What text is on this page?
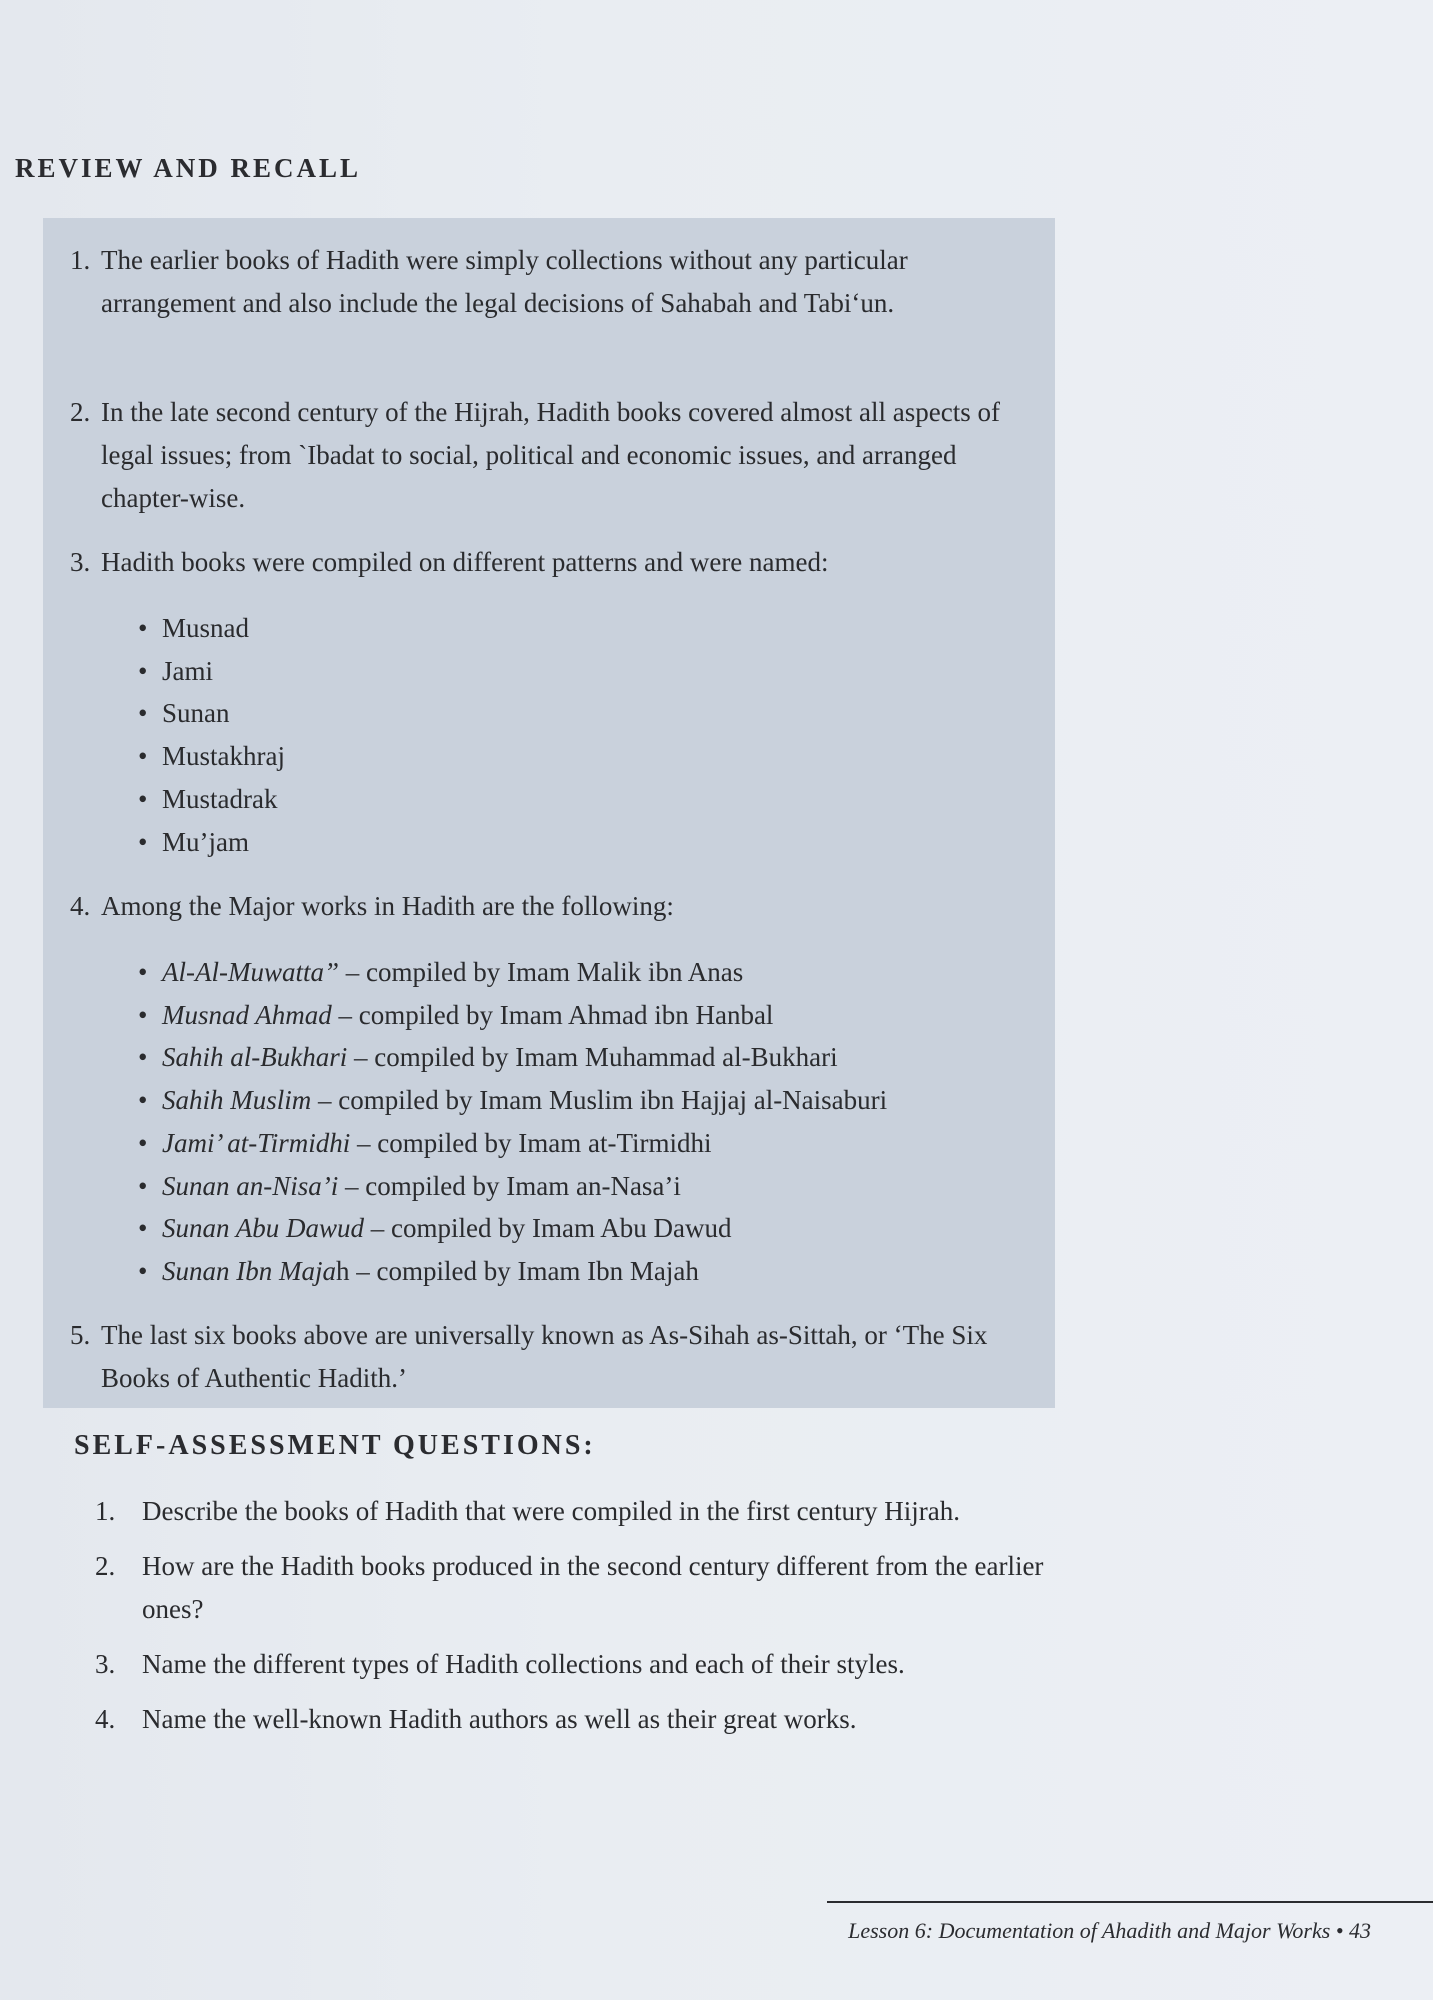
REVIEW AND RECALL
1. The earlier books of Hadith were simply collections without any particular arrangement and also include the legal decisions of Sahabah and Tabi‘un.
2. In the late second century of the Hijrah, Hadith books covered almost all aspects of legal issues; from `Ibadat to social, political and economic issues, and arranged chapter-wise.
3. Hadith books were compiled on different patterns and were named:
• Musnad
• Jami
• Sunan
• Mustakhraj
• Mustadrak
• Mu’jam
4. Among the Major works in Hadith are the following:
• Al-Al-Muwatta” – compiled by Imam Malik ibn Anas
• Musnad Ahmad – compiled by Imam Ahmad ibn Hanbal
• Sahih al-Bukhari – compiled by Imam Muhammad al-Bukhari
• Sahih Muslim – compiled by Imam Muslim ibn Hajjaj al-Naisaburi
• Jami’ at-Tirmidhi – compiled by Imam at-Tirmidhi
• Sunan an-Nisa’i – compiled by Imam an-Nasa’i
• Sunan Abu Dawud – compiled by Imam Abu Dawud
• Sunan Ibn Majah – compiled by Imam Ibn Majah
5. The last six books above are universally known as As-Sihah as-Sittah, or ‘The Six Books of Authentic Hadith.’
SELF-ASSESSMENT QUESTIONS:
1. Describe the books of Hadith that were compiled in the first century Hijrah.
2. How are the Hadith books produced in the second century different from the earlier ones?
3. Name the different types of Hadith collections and each of their styles.
4. Name the well-known Hadith authors as well as their great works.
Lesson 6: Documentation of Ahadith and Major Works • 43
